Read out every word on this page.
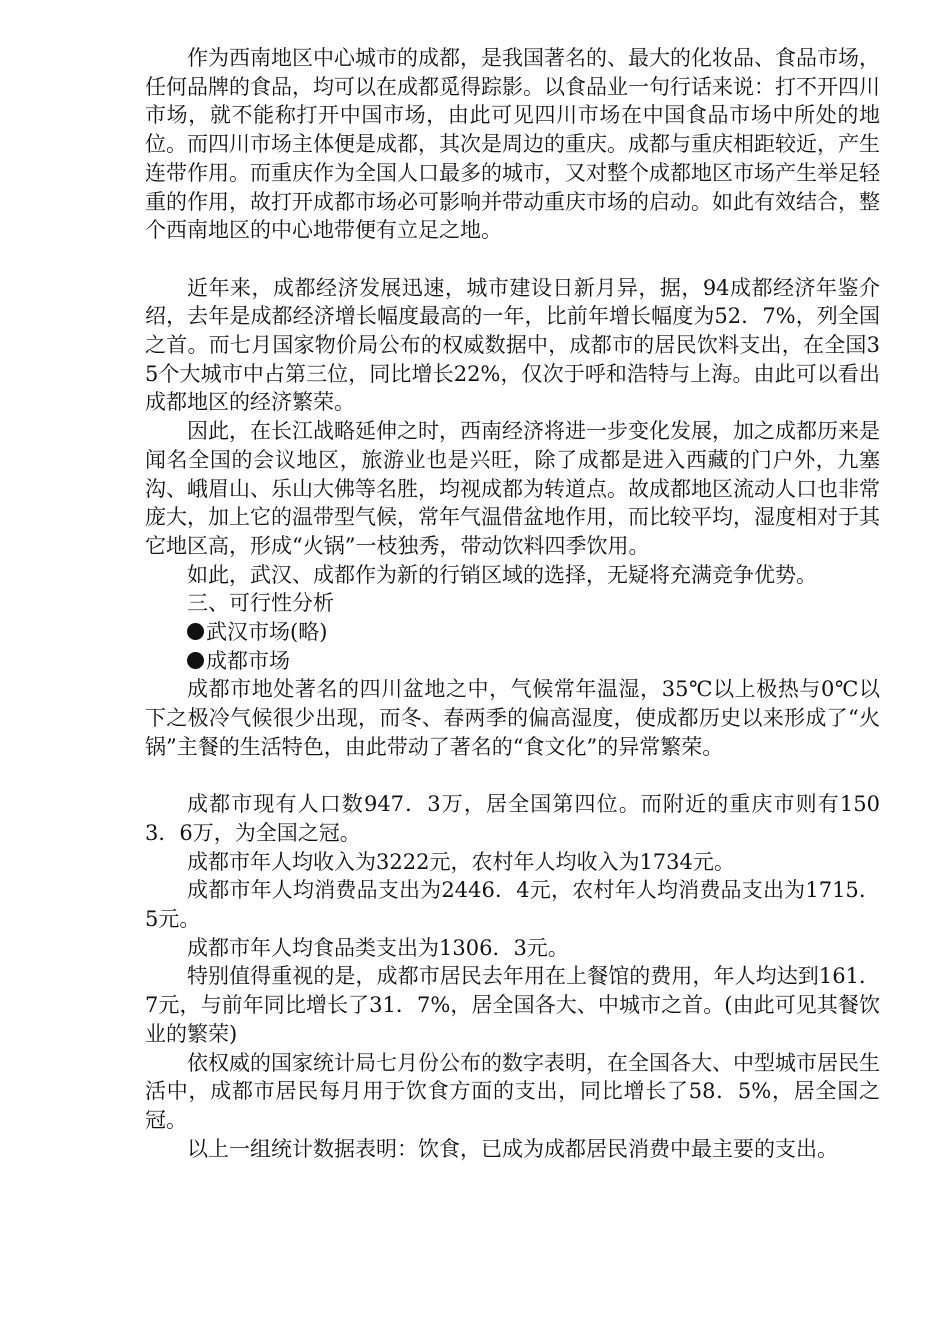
作为西南地区中心城市的成都，是我国著名的、最大的化妆品、食品市场，任何品牌的食品，均可以在成都觅得踪影。以食品业一句行话来说：打不开四川市场，就不能称打开中国市场，由此可见四川市场在中国食品市场中所处的地位。而四川市场主体便是成都，其次是周边的重庆。成都与重庆相距较近，产生连带作用。而重庆作为全国人口最多的城市，又对整个成都地区市场产生举足轻重的作用，故打开成都市场必可影响并带动重庆市场的启动。如此有效结合，整个西南地区的中心地带便有立足之地。

近年来，成都经济发展迅速，城市建设日新月异，据，94成都经济年鉴介绍，去年是成都经济增长幅度最高的一年，比前年增长幅度为52．7%，列全国之首。而七月国家物价局公布的权威数据中，成都市的居民饮料支出，在全国35个大城市中占第三位，同比增长22%，仅次于呼和浩特与上海。由此可以看出成都地区的经济繁荣。

因此，在长江战略延伸之时，西南经济将进一步变化发展，加之成都历来是闻名全国的会议地区，旅游业也是兴旺，除了成都是进入西藏的门户外，九塞沟、峨眉山、乐山大佛等名胜，均视成都为转道点。故成都地区流动人口也非常庞大，加上它的温带型气候，常年气温借盆地作用，而比较平均，湿度相对于其它地区高，形成“火锅”一枝独秀，带动饮料四季饮用。

如此，武汉、成都作为新的行销区域的选择，无疑将充满竞争优势。

三、可行性分析

武汉市场(略)

成都市场

成都市地处著名的四川盆地之中，气候常年温湿，35℃以上极热与0℃以下之极冷气候很少出现，而冬、春两季的偏高湿度，使成都历史以来形成了“火锅”主餐的生活特色，由此带动了著名的“食文化”的异常繁荣。

成都市现有人口数947．3万，居全国第四位。而附近的重庆市则有1503．6万，为全国之冠。

成都市年人均收入为3222元，农村年人均收入为1734元。

成都市年人均消费品支出为2446．4元，农村年人均消费品支出为1715．5元。

成都市年人均食品类支出为1306．3元。

特别值得重视的是，成都市居民去年用在上餐馆的费用，年人均达到161．7元，与前年同比增长了31．7%，居全国各大、中城市之首。(由此可见其餐饮业的繁荣)

依权威的国家统计局七月份公布的数字表明，在全国各大、中型城市居民生活中，成都市居民每月用于饮食方面的支出，同比增长了58．5%，居全国之冠。

以上一组统计数据表明：饮食，已成为成都居民消费中最主要的支出。
